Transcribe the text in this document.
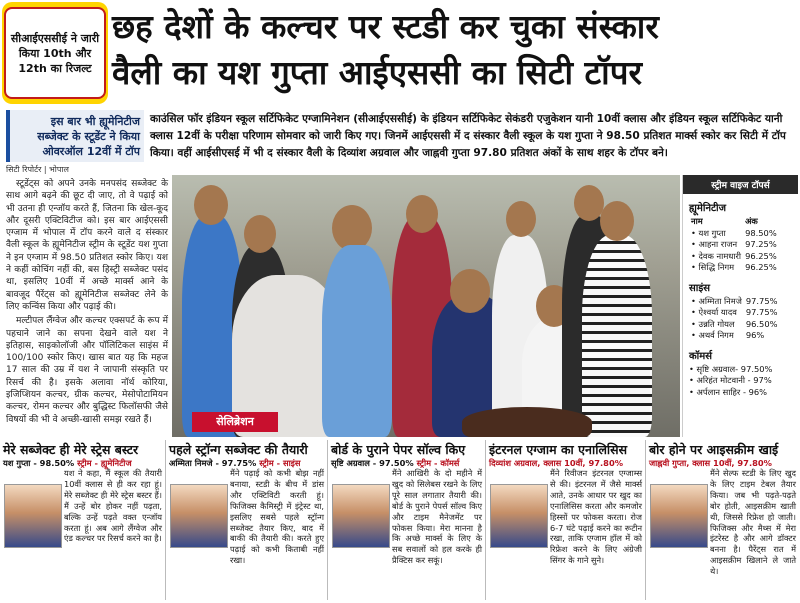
सीआईएससीई ने जारी किया 10th और 12th का रिजल्ट
छह देशों के कल्चर पर स्टडी कर चुका संस्कार
वैली का यश गुप्ता आईएससी का सिटी टॉपर
इस बार भी ह्यूमेनिटीज सब्जेक्ट के स्टूडेंट ने किया ओवरऑल 12वीं में टॉप
काउंसिल फॉर इंडियन स्कूल सर्टिफिकेट एग्जामिनेशन (सीआईएससीई) के इंडियन सर्टिफिकेट सेकंडरी एजुकेशन यानी 10वीं क्लास और इंडियन स्कूल सर्टिफिकेट यानी क्लास 12वीं के परीक्षा परिणाम सोमवार को जारी किए गए। जिनमें आईएससी में द संस्कार वैली स्कूल के यश गुप्ता ने 98.50 प्रतिशत मार्क्स स्कोर कर सिटी में टॉप किया। वहीं आईसीएसई में भी द संस्कार वैली के दिव्यांश अग्रवाल और जाह्नवी गुप्ता 97.80 प्रतिशत अंकों के साथ शहर के टॉपर बने।
सिटी रिपोर्टर | भोपाल

स्टूडेंट्स को अपने उनके मनपसंद सब्जेक्ट के साथ आगे बढ़ने की छूट दी जाए, तो वे पढ़ाई को भी उतना ही एन्जॉय करते हैं, जितना कि खेल-कूद और दूसरी एक्टिविटीज को। इस बार आईएससी एग्जाम में भोपाल में टॉप करने वाले द संस्कार वैली स्कूल के ह्यूमेनिटीज स्ट्रीम के स्टूडेंट यश गुप्ता ने इन एग्जाम में 98.50 प्रतिशत स्कोर किए। यश ने कहीं कोचिंग नहीं की, बस हिस्ट्री सब्जेक्ट पसंद था, इसलिए 10वीं में अच्छे मार्क्स आने के बावजूद पैरेंट्स को ह्यूमेनिटीज सब्जेक्ट लेने के लिए कन्विंस किया और पढ़ाई की।

मल्टीपल लैंग्वेज और कल्चर एक्सपर्ट के रूप में पहचाने जाने का सपना देखने वाले यश ने इतिहास, साइकोलॉजी और पॉलिटिकल साइंस में 100/100 स्कोर किए। खास बात यह कि महज 17 साल की उम्र में यश ने जापानी संस्कृति पर रिसर्च की है। इसके अलावा नॉर्थ कोरिया, इजिप्शियन कल्चर, ग्रीक कल्चर, मेसोपोटामियन कल्चर, रोमन कल्चर और बुद्धिस्ट फिलॉसफी जैसे विषयों की भी वे अच्छी-खासी समझ रखते हैं।	सेलिब्रेशन
स्ट्रीम वाइज टॉपर्स
ह्यूमेनिटीज
नाम	अंक
• यश गुप्ता	98.50%
• आहना राजन	97.25%
• देवक नामधारी	96.25%
• सिद्धि निगम	96.25%
साइंस
• अम्मिता निमजे	97.75%
• ऐश्वर्या यादव	97.75%
• उन्नति गोयल	96.50%
• अथर्व निगम	96%
कॉमर्स
• सृष्टि अग्रवाल- 97.50%
• अरिहंत मोटवानी - 97%
• अर्पलान साहिर - 96%
मेरे सब्जेक्ट ही मेरे स्ट्रेस बस्टर
यश गुप्ता - 98.50% स्ट्रीम - ह्यूमेनिटीज
यश ने कहा, मैं स्कूल की तैयारी 10वीं क्लास से ही कर रहा हूं। मेरे सब्जेक्ट ही मेरे स्ट्रेस बस्टर हैं। मैं उन्हें बोर होकर नहीं पढ़ता, बल्कि उन्हें पढ़ते वक्त एन्जॉय करता हूं। अब आगे लैंग्वेज और एंड कल्चर पर रिसर्च करने का है।
पहले स्ट्रॉन्ग सब्जेक्ट की तैयारी
अम्मिता निमजे - 97.75% स्ट्रीम - साइंस
मैंने पढ़ाई को कभी बोझ नहीं बनाया, स्टडी के बीच में डांस और एक्टिविटी करती हूं। फिजिक्स कैमिस्ट्री में इंट्रेस्ट था, इसलिए सबसे पहले स्ट्रॉन्ग सब्जेक्ट तैयार किए, बाद में बाकी की तैयारी की। करते हुए पढ़ाई को कभी किताबी नहीं रखा।
बोर्ड के पुराने पेपर सॉल्व किए
सृष्टि अग्रवाल - 97.50% स्ट्रीम - कॉमर्स
मैंने आखिरी के दो महीने में खुद को सिलेबस रखने के लिए पूरे साल लगातार तैयारी की। बोर्ड के पुराने पेपर्स सॉल्व किए और टाइम मैनेजमेंट पर फोकस किया। मेरा मानना है कि अच्छे मार्क्स के लिए के सब सवालों को हल करके ही प्रैक्टिस कर सकूं।
इंटरनल एग्जाम का एनालिसिस
दिव्यांश अग्रवाल, क्लास 10वीं, 97.80%
मैंने रिवीजन इंटरनल एग्जाम्स से की। इंटरनल में जैसे मार्क्स आते, उनके आधार पर खुद का एनालिसिस करता और कमजोर हिस्सों पर फोकस करता। रोज 6-7 घंटे पढ़ाई करने का रूटीन रखा, ताकि एग्जाम हॉल में को रिफ्रेश करने के लिए अंग्रेजी सिंगर के गाने सुने।
बोर होने पर आइसक्रीम खाई
जाह्नवी गुप्ता, क्लास 10वीं, 97.80%
मैंने सेल्फ स्टडी के लिए खुद के लिए टाइम टेबल तैयार किया। जब भी पढ़ते-पढ़ते बोर होती, आइसक्रीम खाती थी, जिससे रिफ्रेश हो जाती। फिजिक्स और मैथ्स में मेरा इंटरेस्ट है और आगे डॉक्टर बनना है। पैरेंट्स रात में आइसक्रीम खिलाने ले जाते थे।
